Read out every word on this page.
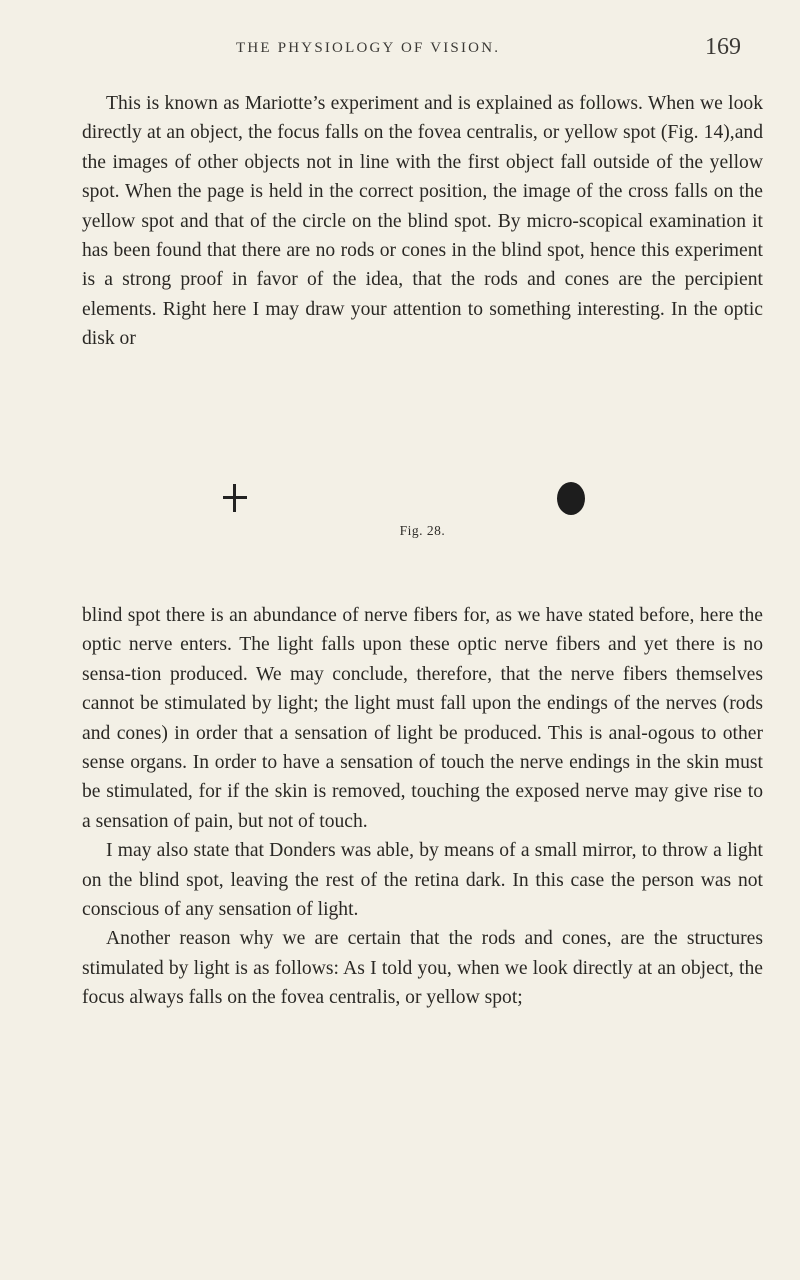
THE PHYSIOLOGY OF VISION.	169

This is known as Mariotte’s experiment and is explained as follows. When we look directly at an object, the focus falls on the fovea centralis, or yellow spot (Fig. 14),and the images of other objects not in line with the first object fall outside of the yellow spot. When the page is held in the correct position, the image of the cross falls on the yellow spot and that of the circle on the blind spot. By micro-scopical examination it has been found that there are no rods or cones in the blind spot, hence this experiment is a strong proof in favor of the idea, that the rods and cones are the percipient elements. Right here I may draw your attention to something interesting. In the optic disk or

Fig. 28.

blind spot there is an abundance of nerve fibers for, as we have stated before, here the optic nerve enters. The light falls upon these optic nerve fibers and yet there is no sensa-tion produced. We may conclude, therefore, that the nerve fibers themselves cannot be stimulated by light; the light must fall upon the endings of the nerves (rods and cones) in order that a sensation of light be produced. This is anal-ogous to other sense organs. In order to have a sensation of touch the nerve endings in the skin must be stimulated, for if the skin is removed, touching the exposed nerve may give rise to a sensation of pain, but not of touch.

I may also state that Donders was able, by means of a small mirror, to throw a light on the blind spot, leaving the rest of the retina dark. In this case the person was not conscious of any sensation of light.

Another reason why we are certain that the rods and cones, are the structures stimulated by light is as follows: As I told you, when we look directly at an object, the focus always falls on the fovea centralis, or yellow spot;
